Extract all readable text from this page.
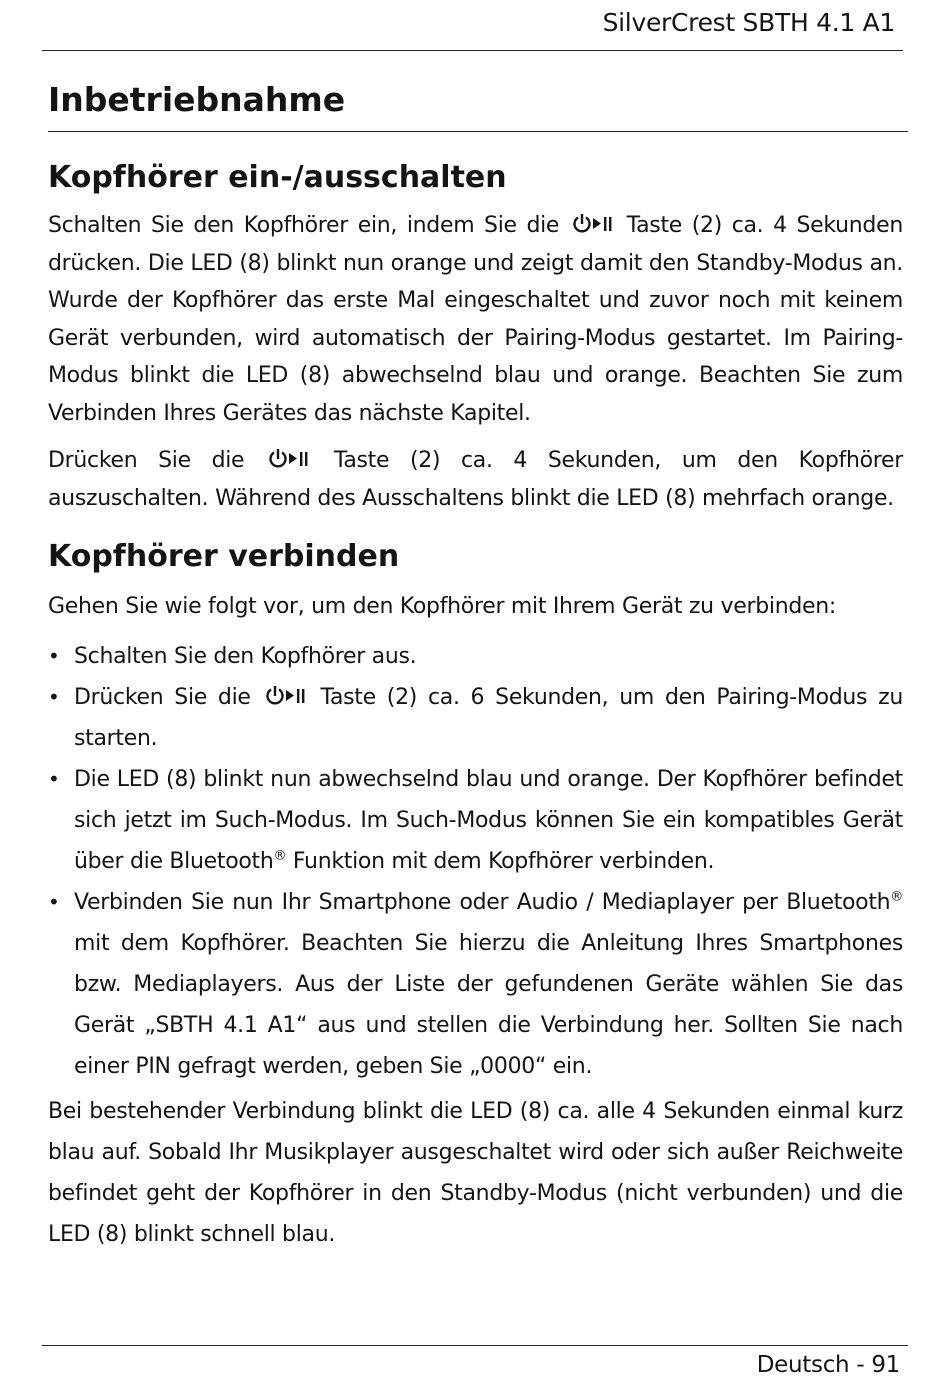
SilverCrest SBTH 4.1 A1
Inbetriebnahme
Kopfhörer ein-/ausschalten

Schalten Sie den Kopfhörer ein, indem Sie die	Taste (2) ca. 4 Sekunden drücken. Die LED (8) blinkt nun orange und zeigt damit den Standby-Modus an. Wurde der Kopfhörer das erste Mal eingeschaltet und zuvor noch mit keinem Gerät verbunden, wird automatisch der Pairing-Modus gestartet. Im Pairing-Modus blinkt die LED (8) abwechselnd blau und orange. Beachten Sie zum Verbinden Ihres Gerätes das nächste Kapitel.

Drücken Sie die	Taste (2) ca. 4 Sekunden, um den Kopfhörer auszuschalten. Während des Ausschaltens blinkt die LED (8) mehrfach orange.

Kopfhörer verbinden

Gehen Sie wie folgt vor, um den Kopfhörer mit Ihrem Gerät zu verbinden:

• Schalten Sie den Kopfhörer aus.
• Drücken Sie die	Taste (2) ca. 6 Sekunden, um den Pairing-Modus zu starten.
• Die LED (8) blinkt nun abwechselnd blau und orange. Der Kopfhörer befindet sich jetzt im Such-Modus. Im Such-Modus können Sie ein kompatibles Gerät über die Bluetooth® Funktion mit dem Kopfhörer verbinden.
• Verbinden Sie nun Ihr Smartphone oder Audio / Mediaplayer per Bluetooth® mit dem Kopfhörer. Beachten Sie hierzu die Anleitung Ihres Smartphones bzw. Mediaplayers. Aus der Liste der gefundenen Geräte wählen Sie das Gerät „SBTH 4.1 A1“ aus und stellen die Verbindung her. Sollten Sie nach einer PIN gefragt werden, geben Sie „0000“ ein.

Bei bestehender Verbindung blinkt die LED (8) ca. alle 4 Sekunden einmal kurz blau auf. Sobald Ihr Musikplayer ausgeschaltet wird oder sich außer Reichweite befindet geht der Kopfhörer in den Standby-Modus (nicht verbunden) und die LED (8) blinkt schnell blau.

Deutsch - 91
